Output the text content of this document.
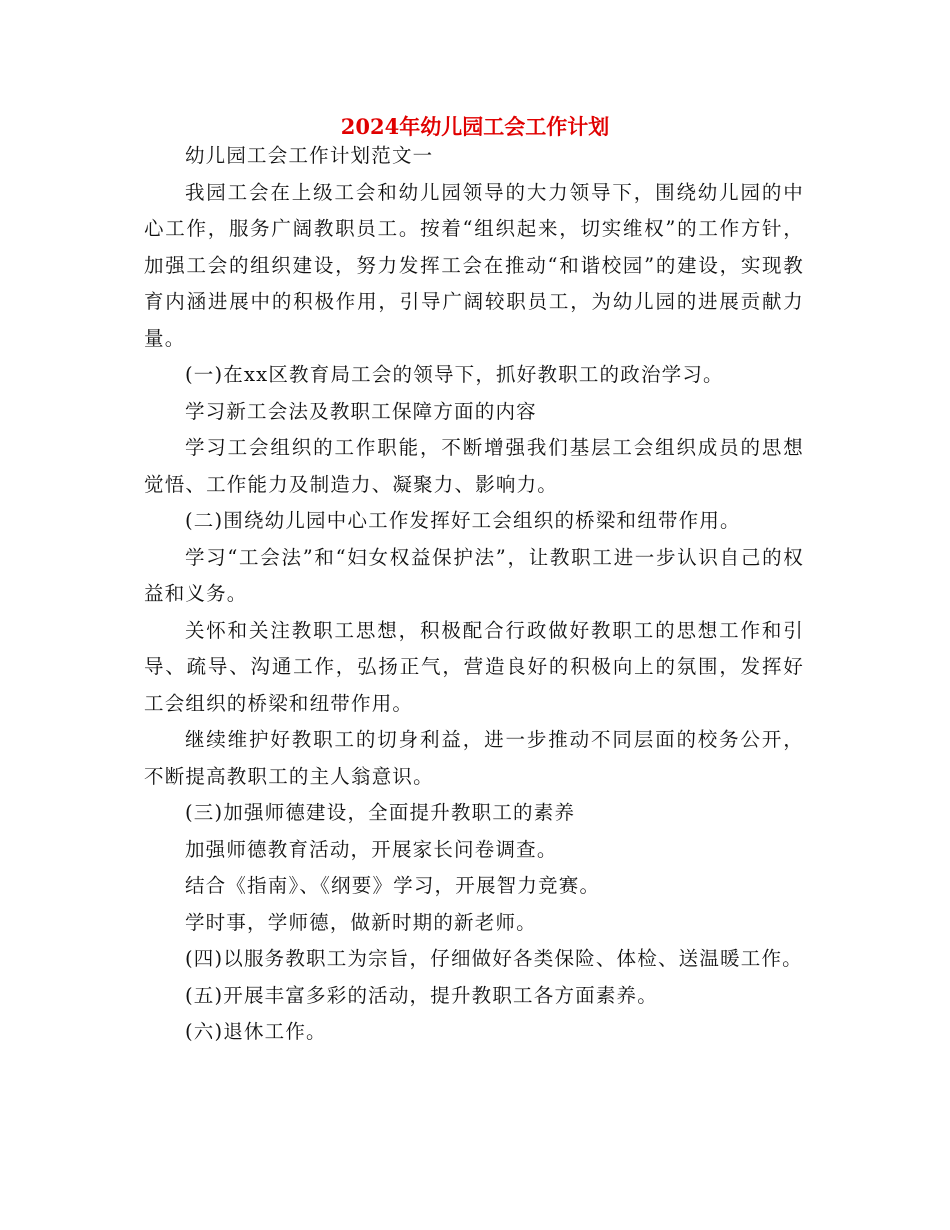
2024年幼儿园工会工作计划

幼儿园工会工作计划范文一

我园工会在上级工会和幼儿园领导的大力领导下，围绕幼儿园的中心工作，服务广阔教职员工。按着“组织起来，切实维权”的工作方针，加强工会的组织建设，努力发挥工会在推动“和谐校园”的建设，实现教育内涵进展中的积极作用，引导广阔较职员工，为幼儿园的进展贡献力量。

(一)在xx区教育局工会的领导下，抓好教职工的政治学习。

学习新工会法及教职工保障方面的内容

学习工会组织的工作职能，不断增强我们基层工会组织成员的思想觉悟、工作能力及制造力、凝聚力、影响力。

(二)围绕幼儿园中心工作发挥好工会组织的桥梁和纽带作用。

学习“工会法”和“妇女权益保护法”，让教职工进一步认识自己的权益和义务。

关怀和关注教职工思想，积极配合行政做好教职工的思想工作和引导、疏导、沟通工作，弘扬正气，营造良好的积极向上的氛围，发挥好工会组织的桥梁和纽带作用。

继续维护好教职工的切身利益，进一步推动不同层面的校务公开，不断提高教职工的主人翁意识。

(三)加强师德建设，全面提升教职工的素养

加强师德教育活动，开展家长问卷调查。

结合《指南》、《纲要》学习，开展智力竞赛。

学时事，学师德，做新时期的新老师。

(四)以服务教职工为宗旨，仔细做好各类保险、体检、送温暖工作。

(五)开展丰富多彩的活动，提升教职工各方面素养。

(六)退休工作。
